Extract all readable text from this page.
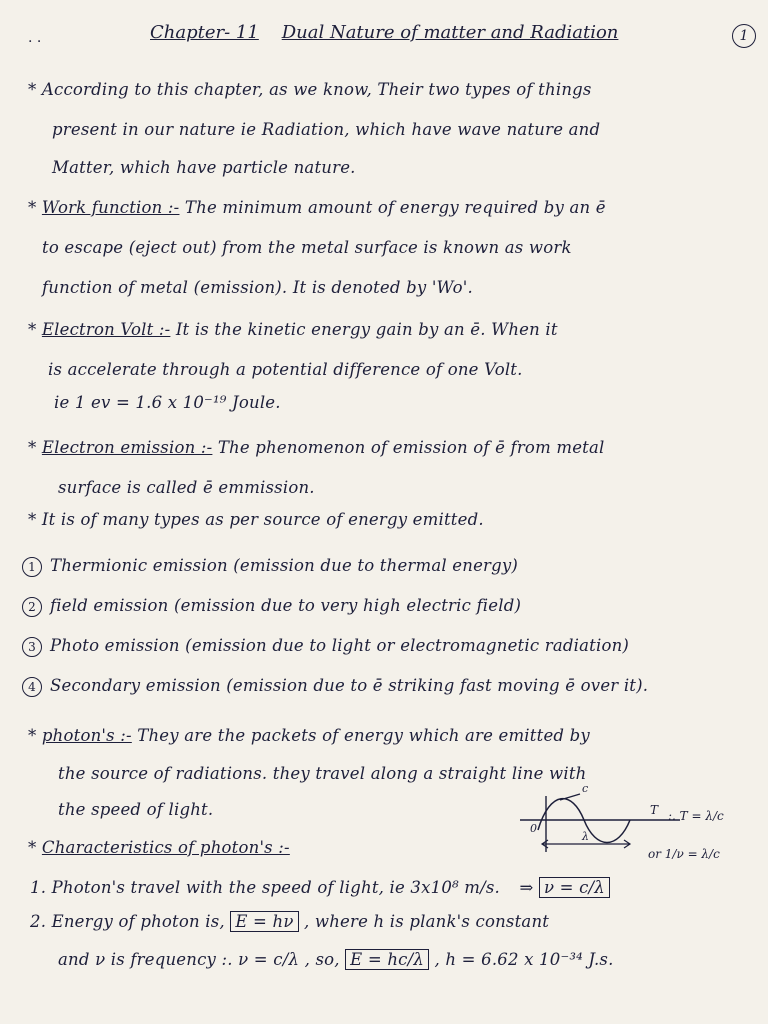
. .	Chapter- 11 Dual Nature of matter and Radiation	1
* According to this chapter, as we know, Their two types of things
present in our nature ie Radiation, which have wave nature and
Matter, which have particle nature.
* Work function :- The minimum amount of energy required by an ē
to escape (eject out) from the metal surface is known as work
function of metal (emission). It is denoted by 'Wo'.
* Electron Volt :- It is the kinetic energy gain by an ē. When it
is accelerate through a potential difference of one Volt.
ie 1 ev = 1.6 x 10⁻¹⁹ Joule.
* Electron emission :- The phenomenon of emission of ē from metal
surface is called ē emmission.
* It is of many types as per source of energy emitted.
1 Thermionic emission (emission due to thermal energy)
2 field emission (emission due to very high electric field)
3 Photo emission (emission due to light or electromagnetic radiation)
4 Secondary emission (emission due to ē striking fast moving ē over it).
* photon's :- They are the packets of energy which are emitted by
the source of radiations. they travel along a straight line with
the speed of light.
* Characteristics of photon's :-
c
T
0
λ
:. T = λ/c
or 1/ν = λ/c
1. Photon's travel with the speed of light, ie 3x10⁸ m/s. ⇒ ν = c/λ
2. Energy of photon is, E = hν , where h is plank's constant
and ν is frequency :. ν = c/λ , so, E = hc/λ , h = 6.62 x 10⁻³⁴ J.s.
